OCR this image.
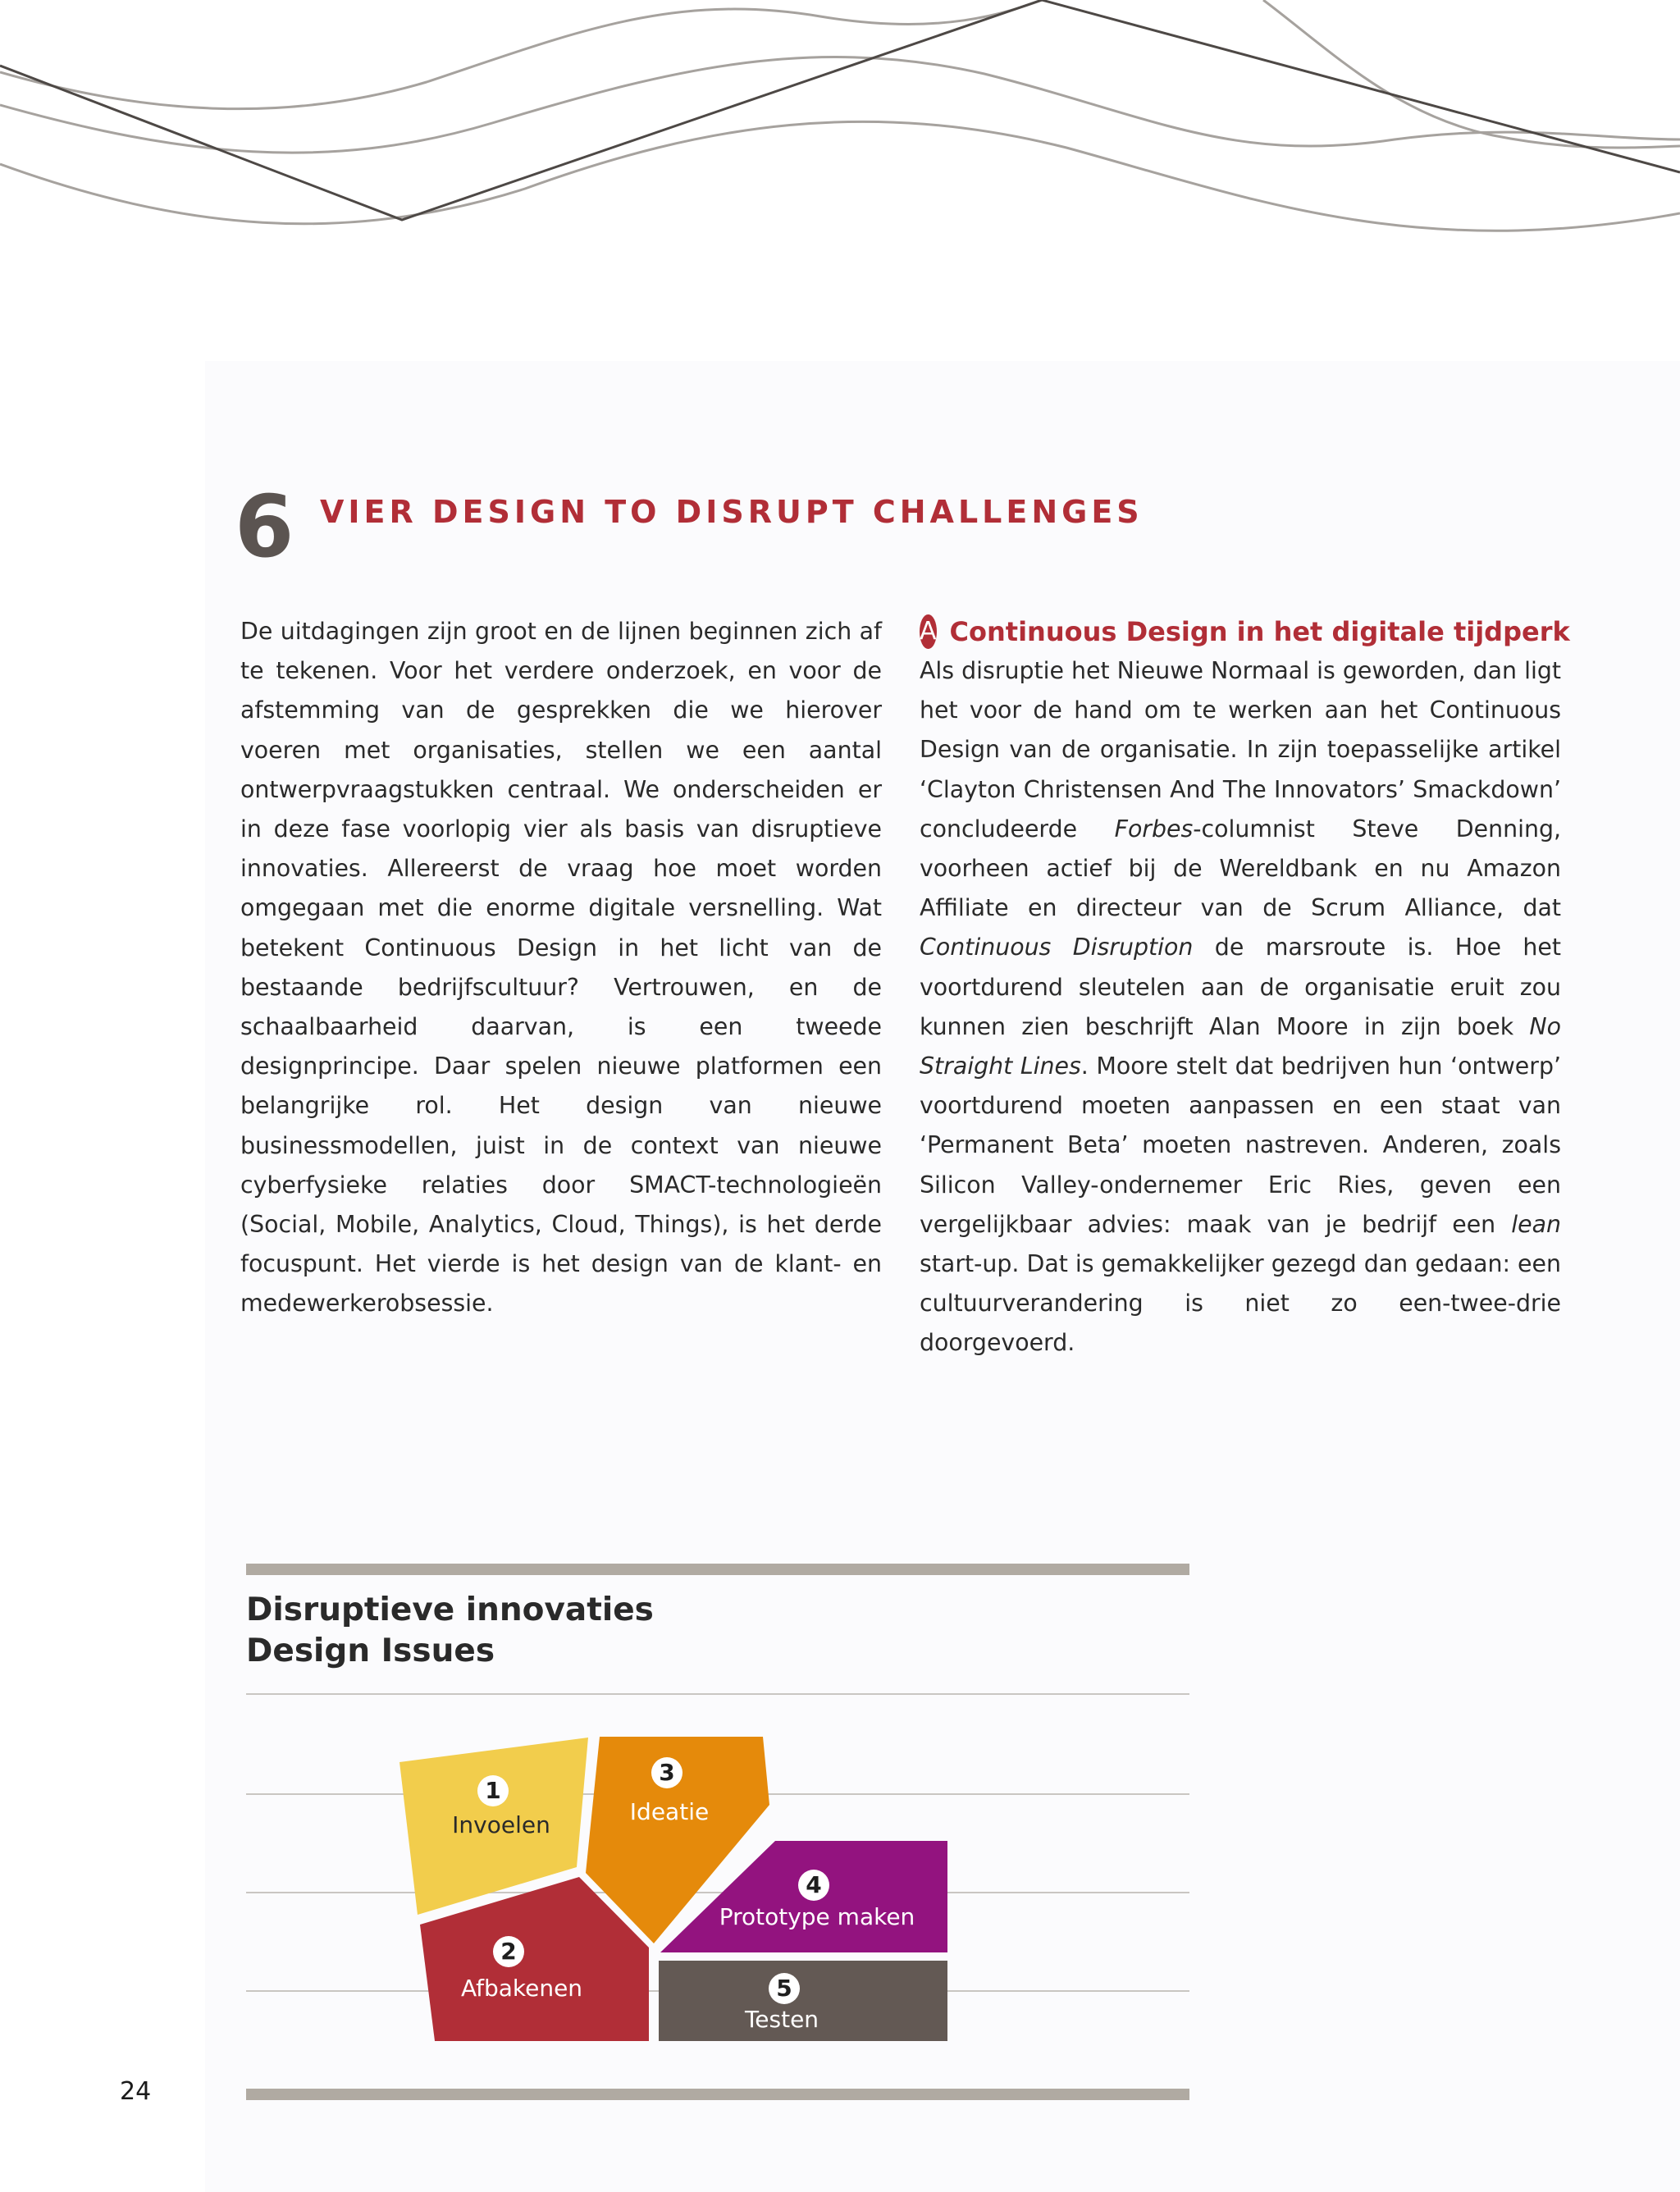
6 VIER DESIGN TO DISRUPT CHALLENGES

De uitdagingen zijn groot en de lijnen beginnen zich af te tekenen. Voor het verdere onderzoek, en voor de afstemming van de gesprekken die we hierover voeren met organisaties, stellen we een aantal ontwerpvraagstukken centraal. We onderscheiden er in deze fase voorlopig vier als basis van disruptieve innovaties. Allereerst de vraag hoe moet worden omgegaan met die enorme digitale versnelling. Wat betekent Continuous Design in het licht van de bestaande bedrijfscultuur? Vertrouwen, en de schaalbaarheid daarvan, is een tweede designprincipe. Daar spelen nieuwe platformen een belangrijke rol. Het design van nieuwe businessmodellen, juist in de context van nieuwe cyberfysieke relaties door SMACT-technologieën (Social, Mobile, Analytics, Cloud, Things), is het derde focuspunt. Het vierde is het design van de klant- en medewerkerobsessie.

A Continuous Design in het digitale tijdperk

Als disruptie het Nieuwe Normaal is geworden, dan ligt het voor de hand om te werken aan het Continuous Design van de organisatie. In zijn toepasselijke artikel ‘Clayton Christensen And The Innovators’ Smackdown’ concludeerde Forbes-columnist Steve Denning, voorheen actief bij de Wereldbank en nu Amazon Affiliate en directeur van de Scrum Alliance, dat Continuous Disruption de marsroute is. Hoe het voortdurend sleutelen aan de organisatie eruit zou kunnen zien beschrijft Alan Moore in zijn boek No Straight Lines. Moore stelt dat bedrijven hun ‘ontwerp’ voortdurend moeten aanpassen en een staat van ‘Permanent Beta’ moeten nastreven. Anderen, zoals Silicon Valley-ondernemer Eric Ries, geven een vergelijkbaar advies: maak van je bedrijf een lean start-up. Dat is gemakkelijker gezegd dan gedaan: een cultuurverandering is niet zo een-twee-drie doorgevoerd.

Disruptieve innovaties
Design Issues
1
Invoelen
2
Afbakenen
3
Ideatie
4
Prototype maken
5
Testen
24
